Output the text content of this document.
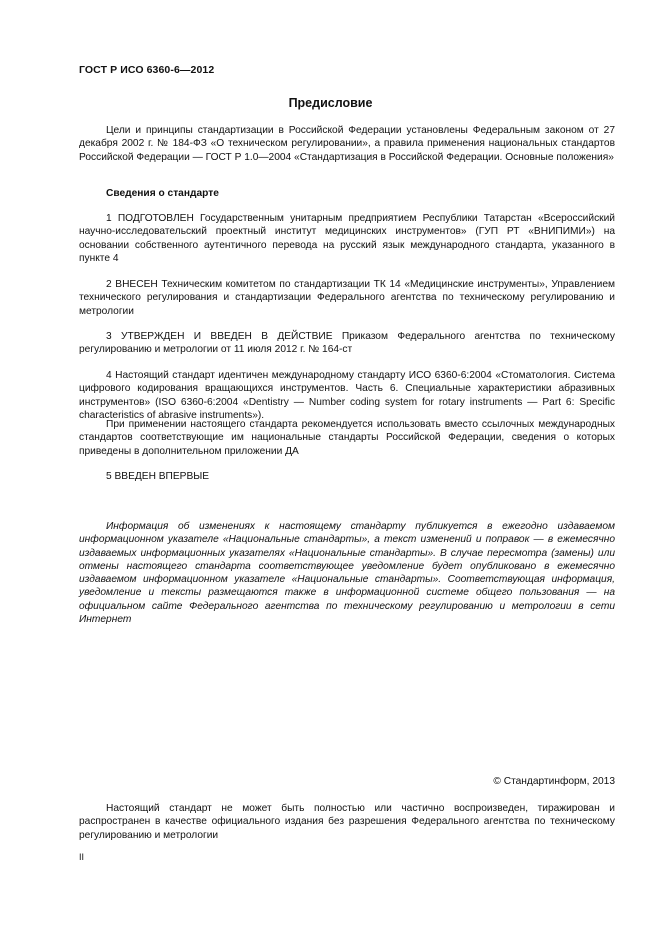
ГОСТ Р ИСО 6360-6—2012
Предисловие
Цели и принципы стандартизации в Российской Федерации установлены Федеральным законом от 27 декабря 2002 г. № 184-ФЗ «О техническом регулировании», а правила применения национальных стандартов Российской Федерации — ГОСТ Р 1.0—2004 «Стандартизация в Российской Федерации. Основные положения»
Сведения о стандарте
1 ПОДГОТОВЛЕН Государственным унитарным предприятием Республики Татарстан «Всероссийский научно-исследовательский проектный институт медицинских инструментов» (ГУП РТ «ВНИПИМИ») на основании собственного аутентичного перевода на русский язык международного стандарта, указанного в пункте 4
2 ВНЕСЕН Техническим комитетом по стандартизации ТК 14 «Медицинские инструменты», Управлением технического регулирования и стандартизации Федерального агентства по техническому регулированию и метрологии
3 УТВЕРЖДЕН И ВВЕДЕН В ДЕЙСТВИЕ Приказом Федерального агентства по техническому регулированию и метрологии от 11 июля 2012 г. № 164-ст
4 Настоящий стандарт идентичен международному стандарту ИСО 6360-6:2004 «Стоматология. Система цифрового кодирования вращающихся инструментов. Часть 6. Специальные характеристики абразивных инструментов» (ISO 6360-6:2004 «Dentistry — Number coding system for rotary instruments — Part 6: Specific characteristics of abrasive instruments»).
При применении настоящего стандарта рекомендуется использовать вместо ссылочных международных стандартов соответствующие им национальные стандарты Российской Федерации, сведения о которых приведены в дополнительном приложении ДА
5 ВВЕДЕН ВПЕРВЫЕ
Информация об изменениях к настоящему стандарту публикуется в ежегодно издаваемом информационном указателе «Национальные стандарты», а текст изменений и поправок — в ежемесячно издаваемых информационных указателях «Национальные стандарты». В случае пересмотра (замены) или отмены настоящего стандарта соответствующее уведомление будет опубликовано в ежемесячно издаваемом информационном указателе «Национальные стандарты». Соответствующая информация, уведомление и тексты размещаются также в информационной системе общего пользования — на официальном сайте Федерального агентства по техническому регулированию и метрологии в сети Интернет
© Стандартинформ, 2013
Настоящий стандарт не может быть полностью или частично воспроизведен, тиражирован и распространен в качестве официального издания без разрешения Федерального агентства по техническому регулированию и метрологии
II
